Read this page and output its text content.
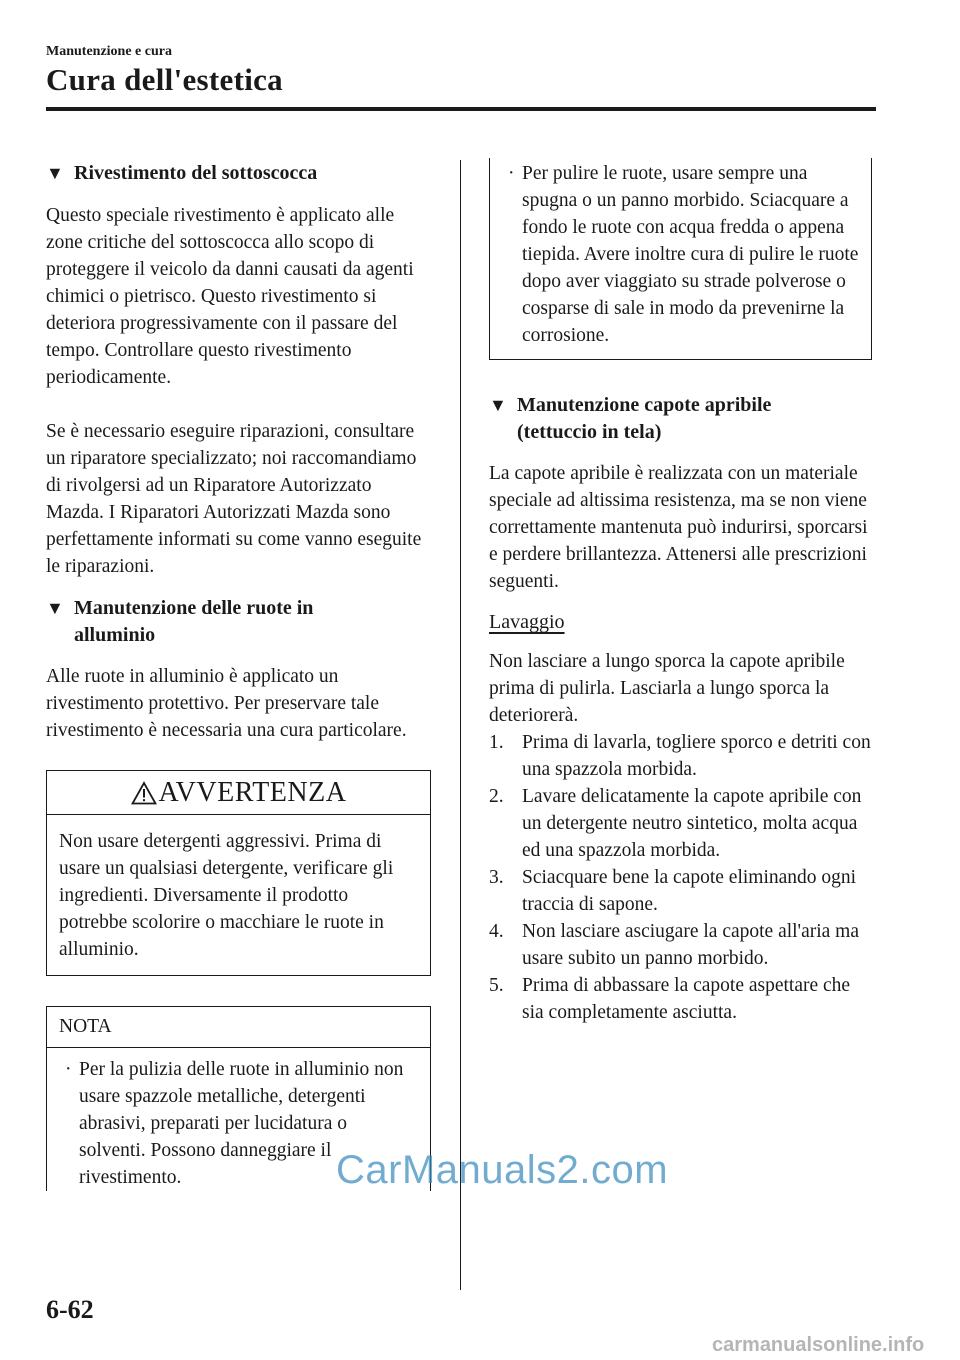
Manutenzione e cura
Cura dell'estetica
▼ Rivestimento del sottoscocca

Questo speciale rivestimento è applicato alle zone critiche del sottoscocca allo scopo di proteggere il veicolo da danni causati da agenti chimici o pietrisco. Questo rivestimento si deteriora progressivamente con il passare del tempo. Controllare questo rivestimento periodicamente.

Se è necessario eseguire riparazioni, consultare un riparatore specializzato; noi raccomandiamo di rivolgersi ad un Riparatore Autorizzato Mazda. I Riparatori Autorizzati Mazda sono perfettamente informati su come vanno eseguite le riparazioni.

▼ Manutenzione delle ruote in
alluminio

Alle ruote in alluminio è applicato un rivestimento protettivo. Per preservare tale rivestimento è necessaria una cura particolare.

AVVERTENZA

Non usare detergenti aggressivi. Prima di usare un qualsiasi detergente, verificare gli ingredienti. Diversamente il prodotto potrebbe scolorire o macchiare le ruote in alluminio.

NOTA
· Per la pulizia delle ruote in alluminio non usare spazzole metalliche, detergenti abrasivi, preparati per lucidatura o solventi. Possono danneggiare il rivestimento.
· Per pulire le ruote, usare sempre una spugna o un panno morbido. Sciacquare a fondo le ruote con acqua fredda o appena tiepida. Avere inoltre cura di pulire le ruote dopo aver viaggiato su strade polverose o cosparse di sale in modo da prevenirne la corrosione.
▼ Manutenzione capote apribile
(tettuccio in tela)

La capote apribile è realizzata con un materiale speciale ad altissima resistenza, ma se non viene correttamente mantenuta può indurirsi, sporcarsi e perdere brillantezza. Attenersi alle prescrizioni seguenti.

Lavaggio

Non lasciare a lungo sporca la capote apribile prima di pulirla. Lasciarla a lungo sporca la deteriorerà.

1. Prima di lavarla, togliere sporco e detriti con una spazzola morbida.
2. Lavare delicatamente la capote apribile con un detergente neutro sintetico, molta acqua ed una spazzola morbida.
3. Sciacquare bene la capote eliminando ogni traccia di sapone.
4. Non lasciare asciugare la capote all'aria ma usare subito un panno morbido.
5. Prima di abbassare la capote aspettare che sia completamente asciutta.
6-62
CarManuals2.com
carmanualsonline.info
